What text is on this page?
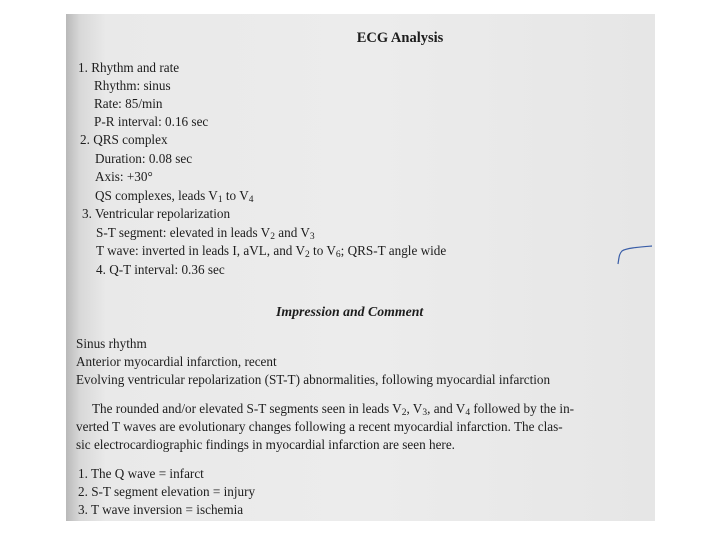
ECG Analysis
1. Rhythm and rate
Rhythm: sinus
Rate: 85/min
P-R interval: 0.16 sec
2. QRS complex
Duration: 0.08 sec
Axis: +30°
QS complexes, leads $V_1$ to $V_4$
3. Ventricular repolarization
S-T segment: elevated in leads $V_2$ and $V_3$
T wave: inverted in leads I, aVL, and $V_2$ to $V_6$; QRS-T angle wide
4. Q-T interval: 0.36 sec
Impression and Comment
Sinus rhythm
Anterior myocardial infarction, recent
Evolving ventricular repolarization (ST-T) abnormalities, following myocardial infarction
The rounded and/or elevated S-T segments seen in leads $V_2$, $V_3$, and $V_4$ followed by the in-
verted T waves are evolutionary changes following a recent myocardial infarction. The clas-
sic electrocardiographic findings in myocardial infarction are seen here.
1. The Q wave = infarct
2. S-T segment elevation = injury
3. T wave inversion = ischemia
